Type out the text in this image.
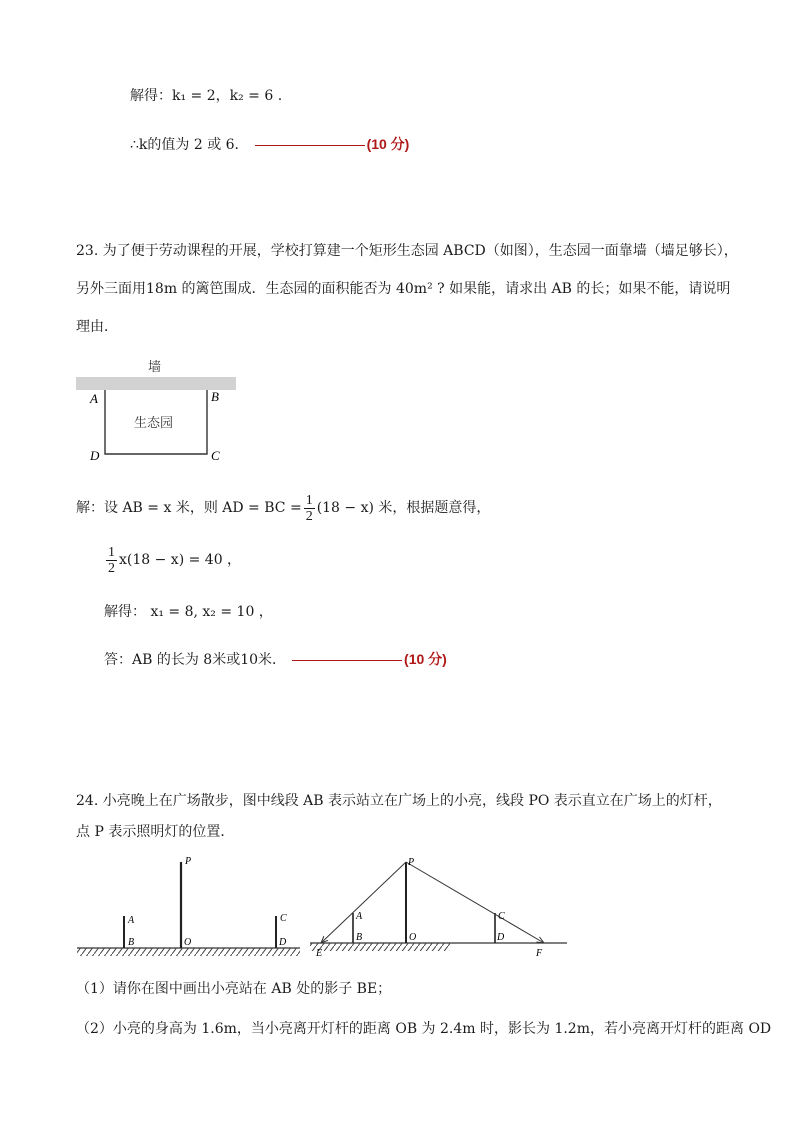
解得：k₁ = 2，k₂ = 6 .
∴k的值为 2 或 6．	(10 分)
23. 为了便于劳动课程的开展，学校打算建一个矩形生态园 ABCD（如图），生态园一面靠墙（墙足够长），
另外三面用18m 的篱笆围成．生态园的面积能否为 40m² ? 如果能，请求出 AB 的长；如果不能，请说明
理由．
墙
生态园
A	B
D	C
解：设 AB = x 米，则 AD = BC = $\frac{1}{2} (18 - x)$ 米，根据题意得，
$\frac{1}{2} x(18 - x) = 40$ ，
解得： x₁ = 8, x₂ = 10 ，
答：AB 的长为 8米或10米．	(10 分)
24. 小亮晚上在广场散步，图中线段 AB 表示站立在广场上的小亮，线段 PO 表示直立在广场上的灯杆，
点 P 表示照明灯的位置．
P
A
B	O
C
D
P
A
B	O
C
D
E	F
（1）请你在图中画出小亮站在 AB 处的影子 BE；
（2）小亮的身高为 1.6m，当小亮离开灯杆的距离 OB 为 2.4m 时，影长为 1.2m，若小亮离开灯杆的距离 OD
